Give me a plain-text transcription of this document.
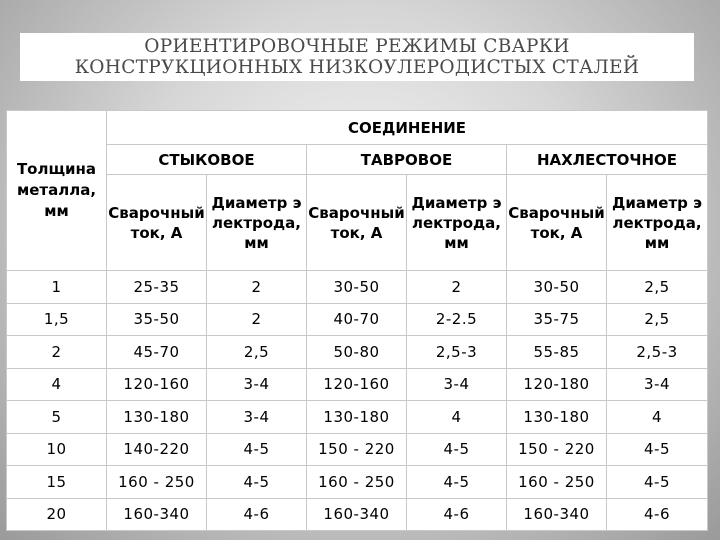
ОРИЕНТИРОВОЧНЫЕ РЕЖИМЫ СВАРКИ
КОНСТРУКЦИОННЫХ НИЗКОУЛЕРОДИСТЫХ СТАЛЕЙ
Толщина металла, мм	СОЕДИНЕНИЕ					
	СТЫКОВОЕ		ТАВРОВОЕ		НАХЛЕСТОЧНОЕ	

	Сварочный ток, А	Диаметр электрода, мм	Сварочный ток, А	Диаметр электрода, мм	Сварочный ток, А	Диаметр электрода, мм

1	25-35	2	30-50	2	30-50	2,5
1,5	35-50	2	40-70	2-2.5	35-75	2,5
2	45-70	2,5	50-80	2,5-3	55-85	2,5-3
4	120-160	3-4	120-160	3-4	120-180	3-4
5	130-180	3-4	130-180	4	130-180	4
10	140-220	4-5	150 - 220	4-5	150 - 220	4-5
15	160 - 250	4-5	160 - 250	4-5	160 - 250	4-5
20	160-340	4-6	160-340	4-6	160-340	4-6
